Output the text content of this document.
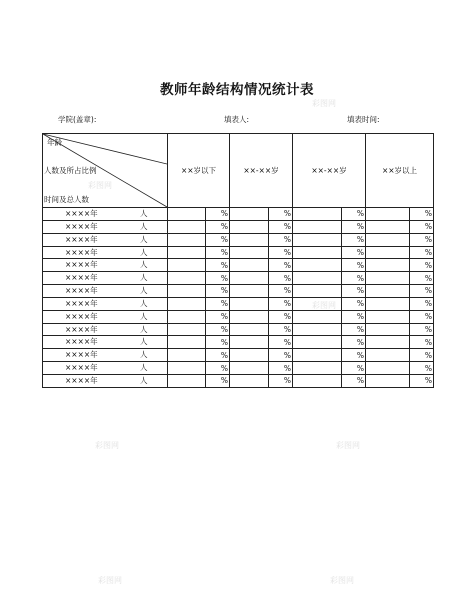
教师年龄结构情况统计表
学院(盖章):	填表人:	填表时间:
年龄
人数及所占比例
时间及总人数	××岁以下		××-××岁		××-××岁		××岁以上	

××××年 人		%		%		%		%

××××年 人		%		%		%		%

××××年 人		%		%		%		%

××××年 人		%		%		%		%

××××年 人		%		%		%		%

××××年 人		%		%		%		%

××××年 人		%		%		%		%

××××年 人		%		%		%		%

××××年 人		%		%		%		%

××××年 人		%		%		%		%

××××年 人		%		%		%		%

××××年 人		%		%		%		%

××××年 人		%		%		%		%

××××年 人		%		%		%		%
彩图网
彩图网
彩图网
彩图网	彩图网
彩图网	彩图网
